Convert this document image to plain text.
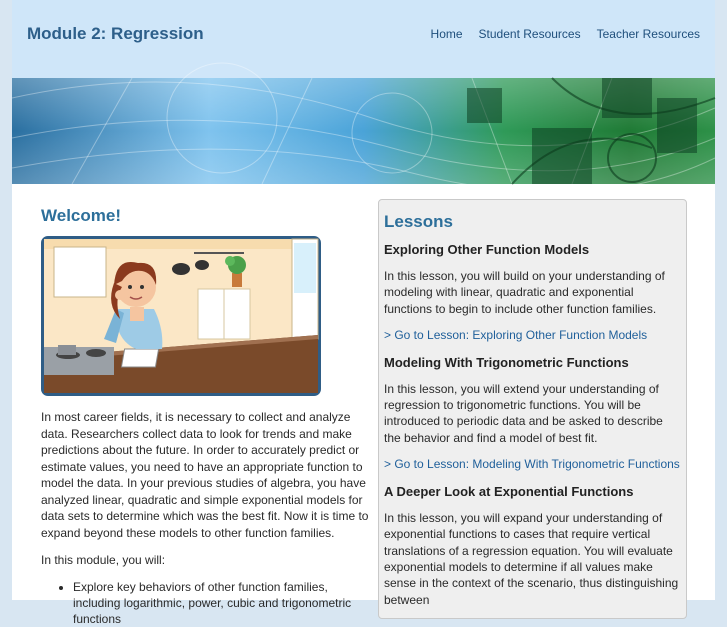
Module 2: Regression	Home Student Resources Teacher Resources
Welcome!

In most career fields, it is necessary to collect and analyze data. Researchers collect data to look for trends and make predictions about the future. In order to accurately predict or estimate values, you need to have an appropriate function to model the data. In your previous studies of algebra, you have analyzed linear, quadratic and simple exponential models for data sets to determine which was the best fit. Now it is time to expand beyond these models to other function families.

In this module, you will:

• Explore key behaviors of other function families, including logarithmic, power, cubic and trigonometric functions
Lessons
Exploring Other Function Models

In this lesson, you will build on your understanding of modeling with linear, quadratic and exponential functions to begin to include other function families.

> Go to Lesson: Exploring Other Function Models
Modeling With Trigonometric Functions

In this lesson, you will extend your understanding of regression to trigonometric functions. You will be introduced to periodic data and be asked to describe the behavior and find a model of best fit.

> Go to Lesson: Modeling With Trigonometric Functions
A Deeper Look at Exponential Functions

In this lesson, you will expand your understanding of exponential functions to cases that require vertical translations of a regression equation. You will evaluate exponential models to determine if all values make sense in the context of the scenario, thus distinguishing between
